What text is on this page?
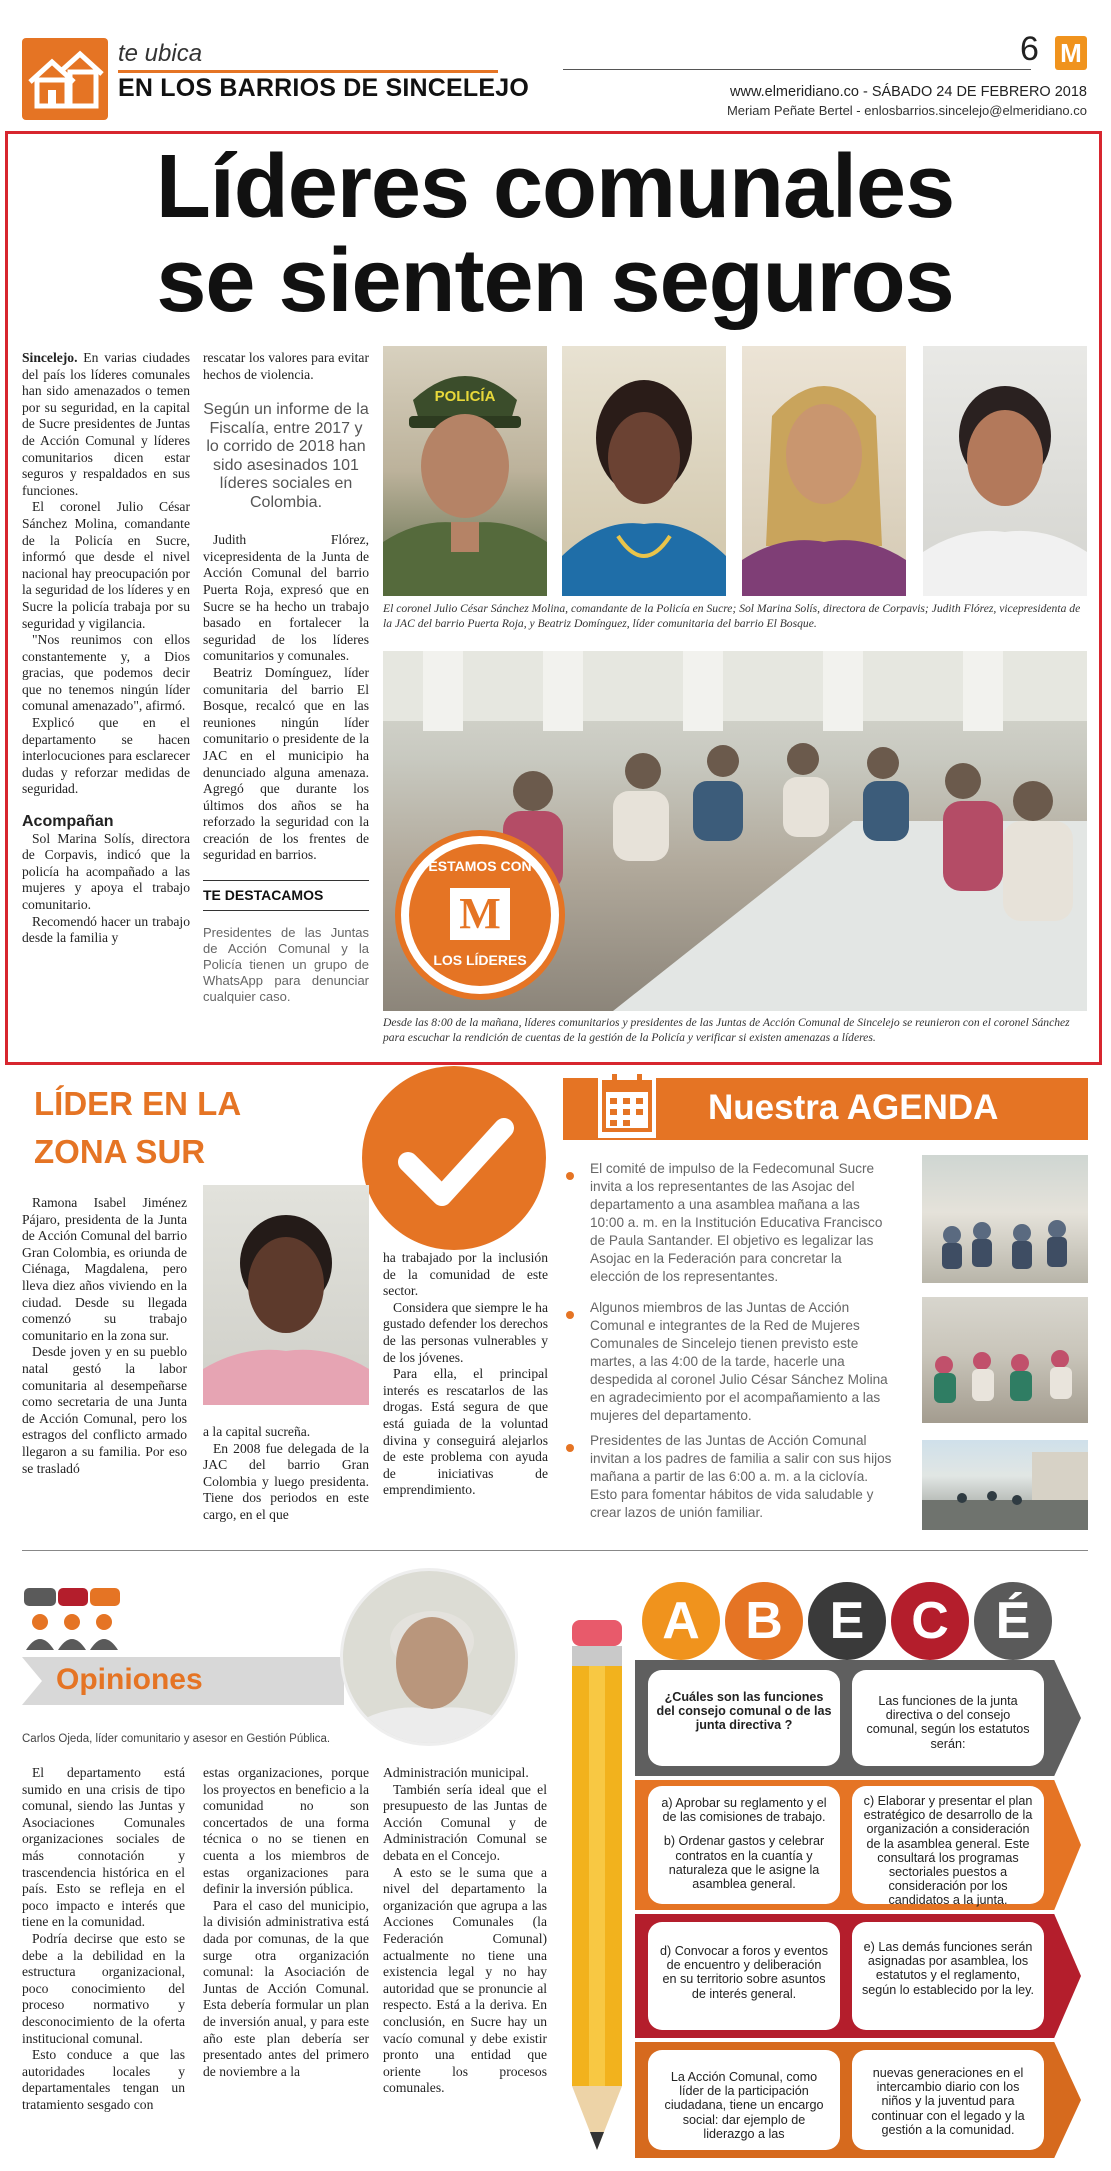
te ubica
EN LOS BARRIOS DE SINCELEJO
6 M
www.elmeridiano.co - SÁBADO 24 DE FEBRERO 2018
Meriam Peñate Bertel - enlosbarrios.sincelejo@elmeridiano.co
Líderes comunales
se sienten seguros

Sincelejo. En varias ciudades del país los líderes comunales han sido amenazados o temen por su seguridad, en la capital de Sucre presidentes de Juntas de Acción Comunal y líderes comunitarios dicen estar seguros y respaldados en sus funciones.

El coronel Julio César Sánchez Molina, comandante de la Policía en Sucre, informó que desde el nivel nacional hay preocupación por la seguridad de los líderes y en Sucre la policía trabaja por su seguridad y vigilancia.

"Nos reunimos con ellos constantemente y, a Dios gracias, que podemos decir que no tenemos ningún líder comunal amenazado", afirmó.

Explicó que en el departamento se hacen interlocuciones para esclarecer dudas y reforzar medidas de seguridad.

Acompañan

Sol Marina Solís, directora de Corpavis, indicó que la policía ha acompañado a las mujeres y apoya el trabajo comunitario.

Recomendó hacer un trabajo desde la familia y

rescatar los valores para evitar hechos de violencia.

Según un informe de la Fiscalía, entre 2017 y lo corrido de 2018 han sido asesinados 101 líderes sociales en Colombia.

Judith Flórez, vicepresidenta de la Junta de Acción Comunal del barrio Puerta Roja, expresó que en Sucre se ha hecho un trabajo basado en fortalecer la seguridad de los líderes comunitarios y comunales.

Beatriz Domínguez, líder comunitaria del barrio El Bosque, recalcó que en las reuniones ningún líder comunitario o presidente de la JAC en el municipio ha denunciado alguna amenaza. Agregó que durante los últimos dos años se ha reforzado la seguridad con la creación de los frentes de seguridad en barrios.

TE DESTACAMOS
Presidentes de las Juntas de Acción Comunal y la Policía tienen un grupo de WhatsApp para denunciar cualquier caso.
POLICÍA
El coronel Julio César Sánchez Molina, comandante de la Policía en Sucre; Sol Marina Solís, directora de Corpavis; Judith Flórez, vicepresidenta de la JAC del barrio Puerta Roja, y Beatriz Domínguez, líder comunitaria del barrio El Bosque.
ESTAMOS CON
M
LOS LÍDERES
Desde las 8:00 de la mañana, líderes comunitarios y presidentes de las Juntas de Acción Comunal de Sincelejo se reunieron con el coronel Sánchez para escuchar la rendición de cuentas de la gestión de la Policía y verificar si existen amenazas a líderes.
LÍDER EN LA
ZONA SUR

Ramona Isabel Jiménez Pájaro, presidenta de la Junta de Acción Comunal del barrio Gran Colombia, es oriunda de Ciénaga, Magdalena, pero lleva diez años viviendo en la ciudad. Desde su llegada comenzó su trabajo comunitario en la zona sur.

Desde joven y en su pueblo natal gestó la labor comunitaria al desempeñarse como secretaria de una Junta de Acción Comunal, pero los estragos del conflicto armado llegaron a su familia. Por eso se trasladó

a la capital sucreña.

En 2008 fue delegada de la JAC del barrio Gran Colombia y luego presidenta. Tiene dos periodos en este cargo, en el que

ha trabajado por la inclusión de la comunidad de este sector.

Considera que siempre le ha gustado defender los derechos de las personas vulnerables y de los jóvenes.

Para ella, el principal interés es rescatarlos de las drogas. Está segura de que está guiada de la voluntad divina y conseguirá alejarlos de este problema con ayuda de iniciativas de emprendimiento.

Nuestra AGENDA
El comité de impulso de la Fedecomunal Sucre invita a los representantes de las Asojac del departamento a una asamblea mañana a las 10:00 a. m. en la Institución Educativa Francisco de Paula Santander. El objetivo es legalizar las Asojac en la Federación para concretar la elección de los representantes.
Algunos miembros de las Juntas de Acción Comunal e integrantes de la Red de Mujeres Comunales de Sincelejo tienen previsto este martes, a las 4:00 de la tarde, hacerle una despedida al coronel Julio César Sánchez Molina en agradecimiento por el acompañamiento a las mujeres del departamento.
Presidentes de las Juntas de Acción Comunal invitan a los padres de familia a salir con sus hijos mañana a partir de las 6:00 a. m. a la ciclovía. Esto para fomentar hábitos de vida saludable y crear lazos de unión familiar.
Opiniones
Carlos Ojeda, líder comunitario y asesor en Gestión Pública.

El departamento está sumido en una crisis de tipo comunal, siendo las Juntas y Asociaciones Comunales organizaciones sociales de más connotación y trascendencia histórica en el país. Esto se refleja en el poco impacto e interés que tiene en la comunidad.

Podría decirse que esto se debe a la debilidad en la estructura organizacional, poco conocimiento del proceso normativo y desconocimiento de la oferta institucional comunal.

Esto conduce a que las autoridades locales y departamentales tengan un tratamiento sesgado con

estas organizaciones, porque los proyectos en beneficio a la comunidad no son concertados de una forma técnica o no se tienen en cuenta a los miembros de estas organizaciones para definir la inversión pública.

Para el caso del municipio, la división administrativa está dada por comunas, de la que surge otra organización comunal: la Asociación de Juntas de Acción Comunal. Esta debería formular un plan de inversión anual, y para este año este plan debería ser presentado antes del primero de noviembre a la

Administración municipal.

También sería ideal que el presupuesto de las Juntas de Acción Comunal y de Administración Comunal se debata en el Concejo.

A esto se le suma que a nivel del departamento la organización que agrupa a las Acciones Comunales (la Federación Comunal) actualmente no tiene una existencia legal y no hay autoridad que se pronuncie al respecto. Está a la deriva. En conclusión, en Sucre hay un vacío comunal y debe existir pronto una entidad que oriente los procesos comunales.

A B E C É
¿Cuáles son las funciones del consejo comunal o de las junta directiva ?
Las funciones de la junta directiva o del consejo comunal, según los estatutos serán:
a) Aprobar su reglamento y el de las comisiones de trabajo.
b) Ordenar gastos y celebrar contratos en la cuantía y naturaleza que le asigne la asamblea general.
c) Elaborar y presentar el plan estratégico de desarrollo de la organización a consideración de la asamblea general. Este consultará los programas sectoriales puestos a consideración por los candidatos a la junta.
d) Convocar a foros y eventos de encuentro y deliberación en su territorio sobre asuntos de interés general.
e) Las demás funciones serán asignadas por asamblea, los estatutos y el reglamento, según lo establecido por la ley.
La Acción Comunal, como líder de la participación ciudadana, tiene un encargo social: dar ejemplo de liderazgo a las
nuevas generaciones en el intercambio diario con los niños y la juventud para continuar con el legado y la gestión a la comunidad.
